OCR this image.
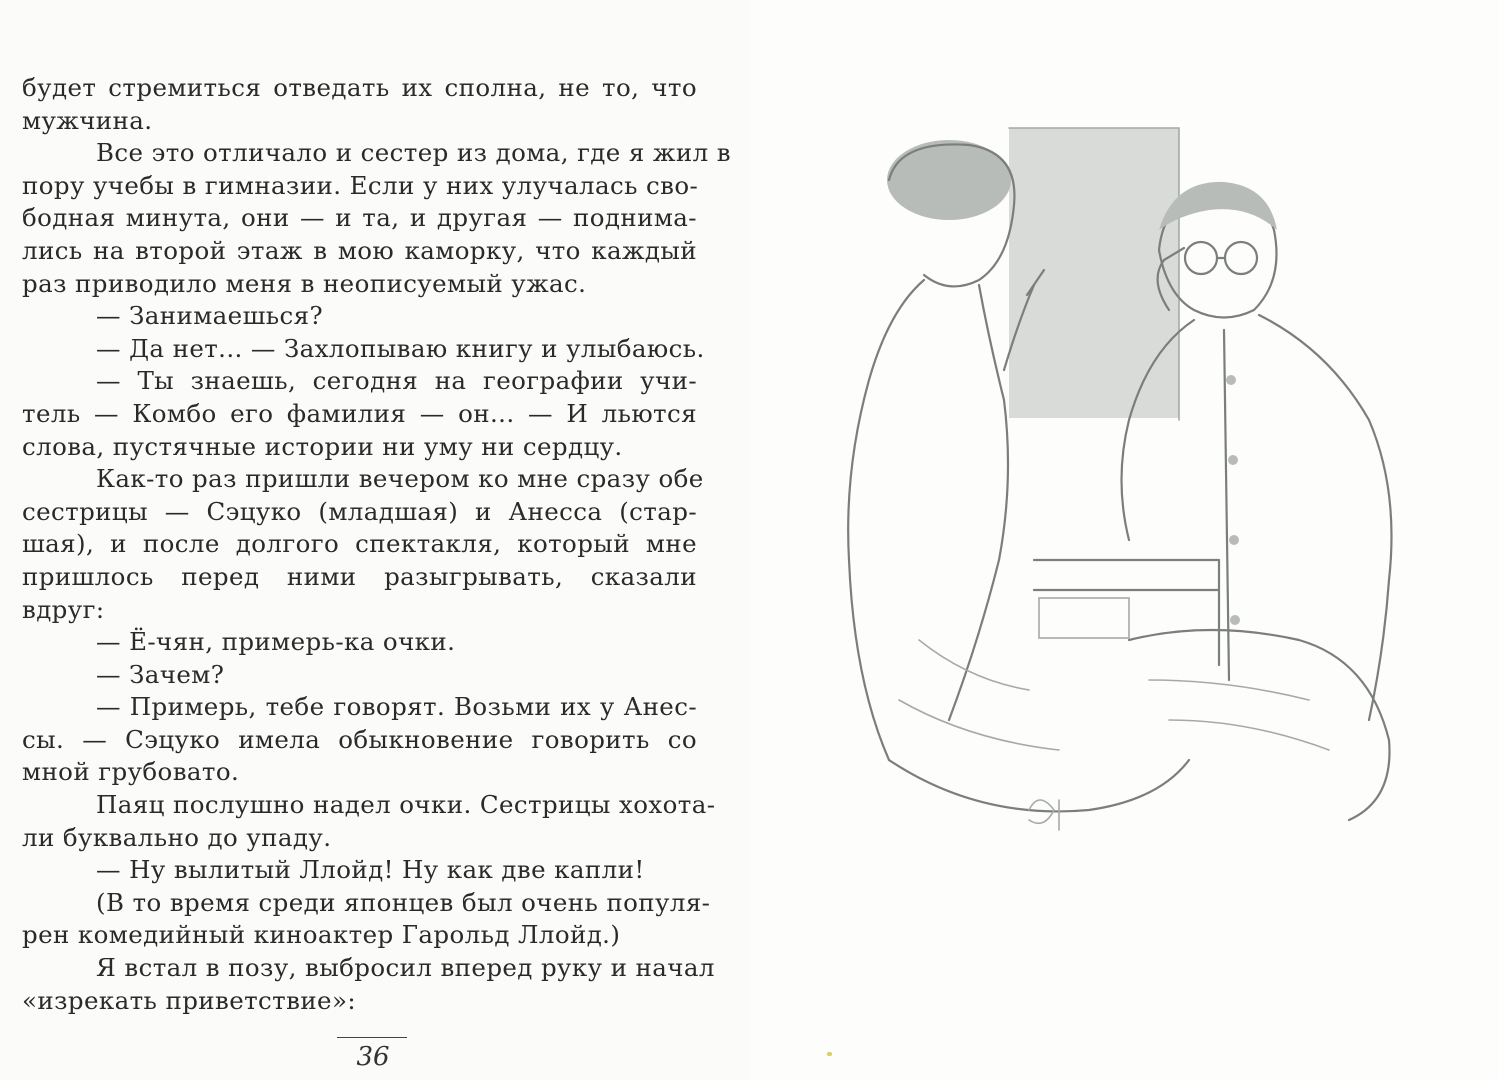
будет стремиться отведать их сполна, не то, что
мужчина.
Все это отличало и сестер из дома, где я жил в
пору учебы в гимназии. Если у них улучалась сво-
бодная минута, они — и та, и другая — поднима-
лись на второй этаж в мою каморку, что каждый
раз приводило меня в неописуемый ужас.
— Занимаешься?
— Да нет... — Захлопываю книгу и улыбаюсь.
— Ты знаешь, сегодня на географии учи-
тель — Комбо его фамилия — он... — И льются
слова, пустячные истории ни уму ни сердцу.
Как-то раз пришли вечером ко мне сразу обе
сестрицы — Сэцуко (младшая) и Анесса (стар-
шая), и после долгого спектакля, который мне
пришлось перед ними разыгрывать, сказали
вдруг:
— Ё-чян, примерь-ка очки.
— Зачем?
— Примерь, тебе говорят. Возьми их у Анес-
сы. — Сэцуко имела обыкновение говорить со
мной грубовато.
Паяц послушно надел очки. Сестрицы хохота-
ли буквально до упаду.
— Ну вылитый Ллойд! Ну как две капли!
(В то время среди японцев был очень популя-
рен комедийный киноактер Гарольд Ллойд.)
Я встал в позу, выбросил вперед руку и начал
«изрекать приветствие»:
36
